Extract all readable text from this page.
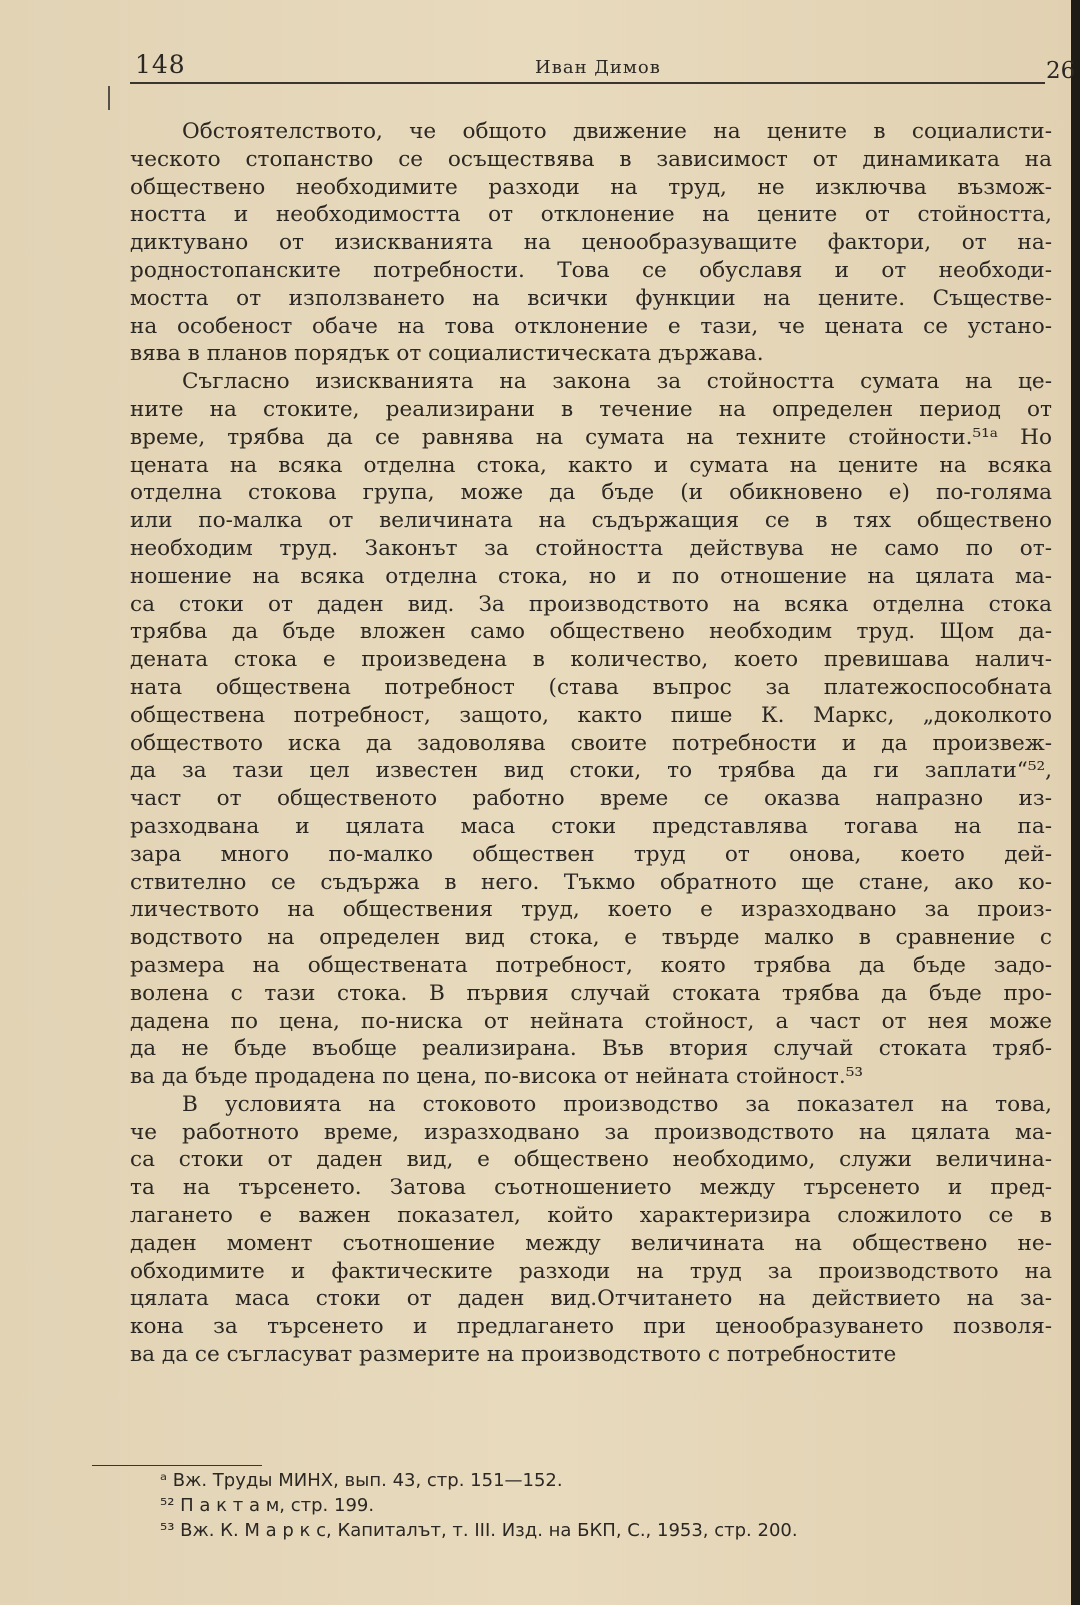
148	Иван Димов	26

Обстоятелството, че общото движение на цените в социалисти-
ческото стопанство се осъществява в зависимост от динамиката на
обществено необходимите разходи на труд, не изключва възмож-
ността и необходимостта от отклонение на цените от стойността,
диктувано от изискванията на ценообразуващите фактори, от на-
родностопанските потребности. Това се обуславя и от необходи-
мостта от използването на всички функции на цените. Съществе-
на особеност обаче на това отклонение е тази, че цената се устано-
вява в планов порядък от социалистическата държава.

Съгласно изискванията на закона за стойността сумата на це-
ните на стоките, реализирани в течение на определен период от
време, трябва да се равнява на сумата на техните стойности.⁵¹ᵃ Но
цената на всяка отделна стока, както и сумата на цените на всяка
отделна стокова група, може да бъде (и обикновено е) по-голяма
или по-малка от величината на съдържащия се в тях обществено
необходим труд. Законът за стойността действува не само по от-
ношение на всяка отделна стока, но и по отношение на цялата ма-
са стоки от даден вид. За производството на всяка отделна стока
трябва да бъде вложен само обществено необходим труд. Щом да-
дената стока е произведена в количество, което превишава налич-
ната обществена потребност (става въпрос за платежоспособната
обществена потребност, защото, както пише К. Маркс, „доколкото
обществото иска да задоволява своите потребности и да произвеж-
да за тази цел известен вид стоки, то трябва да ги заплати“⁵²,
част от общественото работно време се оказва напразно из-
разходвана и цялата маса стоки представлява тогава на па-
зара много по-малко обществен труд от онова, което дей-
ствително се съдържа в него. Тъкмо обратното ще стане, ако ко-
личеството на обществения труд, което е изразходвано за произ-
водството на определен вид стока, е твърде малко в сравнение с
размера на обществената потребност, която трябва да бъде задо-
волена с тази стока. В първия случай стоката трябва да бъде про-
дадена по цена, по-ниска от нейната стойност, а част от нея може
да не бъде въобще реализирана. Във втория случай стоката тряб-
ва да бъде продадена по цена, по-висока от нейната стойност.⁵³

В условията на стоковото производство за показател на това,
че работното време, изразходвано за производството на цялата ма-
са стоки от даден вид, е обществено необходимо, служи величина-
та на търсенето. Затова съотношението между търсенето и пред-
лагането е важен показател, който характеризира сложилото се в
даден момент съотношение между величината на обществено не-
обходимите и фактическите разходи на труд за производството на
цялата маса стоки от даден вид.Отчитането на действието на за-
кона за търсенето и предлагането при ценообразуването позволя-
ва да се съгласуват размерите на производството с потребностите

ᵃ Вж. Труды МИНХ, вып. 43, стр. 151—152.
⁵² П а к т а м, стр. 199.
⁵³ Вж. К. М а р к с, Капиталът, т. III. Изд. на БКП, С., 1953, стр. 200.
